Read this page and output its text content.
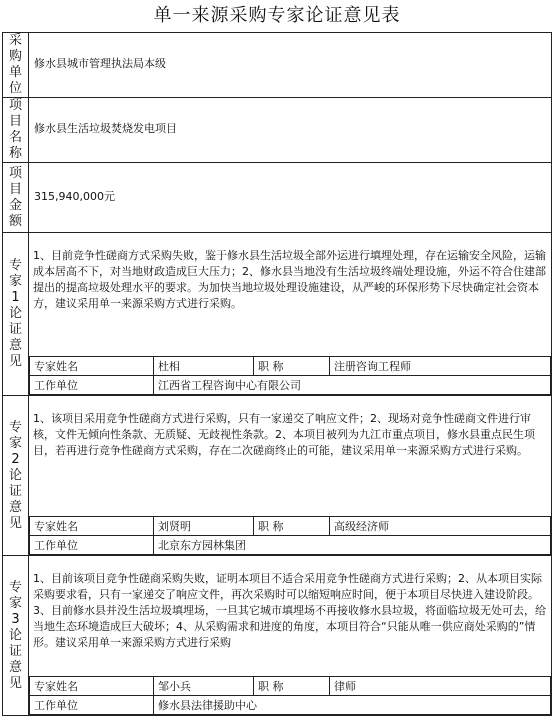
单一来源采购专家论证意见表
采购单位
	修水县城市管理执法局本级

项目名称
	修水县生活垃圾焚烧发电项目

项目金额
	315,940,000元

专家1论证意见

1、目前竞争性磋商方式采购失败，鉴于修水县生活垃圾全部外运进行填埋处理，存在运输安全风险，运输成本居高不下，对当地财政造成巨大压力；2、修水县当地没有生活垃圾终端处理设施，外运不符合住建部提出的提高垃圾处理水平的要求。为加快当地垃圾处理设施建设，从严峻的环保形势下尽快确定社会资本方，建议采用单一来源采购方式进行采购。
专家姓名	杜相	职 称	注册咨询工程师
工作单位	江西省工程咨询中心有限公司

专家2论证意见

1、该项目采用竞争性磋商方式进行采购，只有一家递交了响应文件；2、现场对竞争性磋商文件进行审核，文件无倾向性条款、无质疑、无歧视性条款。2、本项目被列为九江市重点项目，修水县重点民生项目，若再进行竞争性磋商方式采购，存在二次磋商终止的可能，建议采用单一来源采购方式进行采购。
专家姓名	刘贤明	职 称	高级经济师
工作单位	北京东方园林集团

专家3论证意见

1、目前该项目竞争性磋商采购失败，证明本项目不适合采用竞争性磋商方式进行采购；2、从本项目实际采购要求看，只有一家递交了响应文件，再次采购时可以缩短响应时间，便于本项目尽快进入建设阶段。3、目前修水县并没生活垃圾填埋场，一旦其它城市填埋场不再接收修水县垃圾，将面临垃圾无处可去，给当地生态环境造成巨大破坏；4、从采购需求和进度的角度，本项目符合“只能从唯一供应商处采购的”情形。建议采用单一来源采购方式进行采购
专家姓名	邹小兵	职 称	律师
工作单位	修水县法律援助中心
